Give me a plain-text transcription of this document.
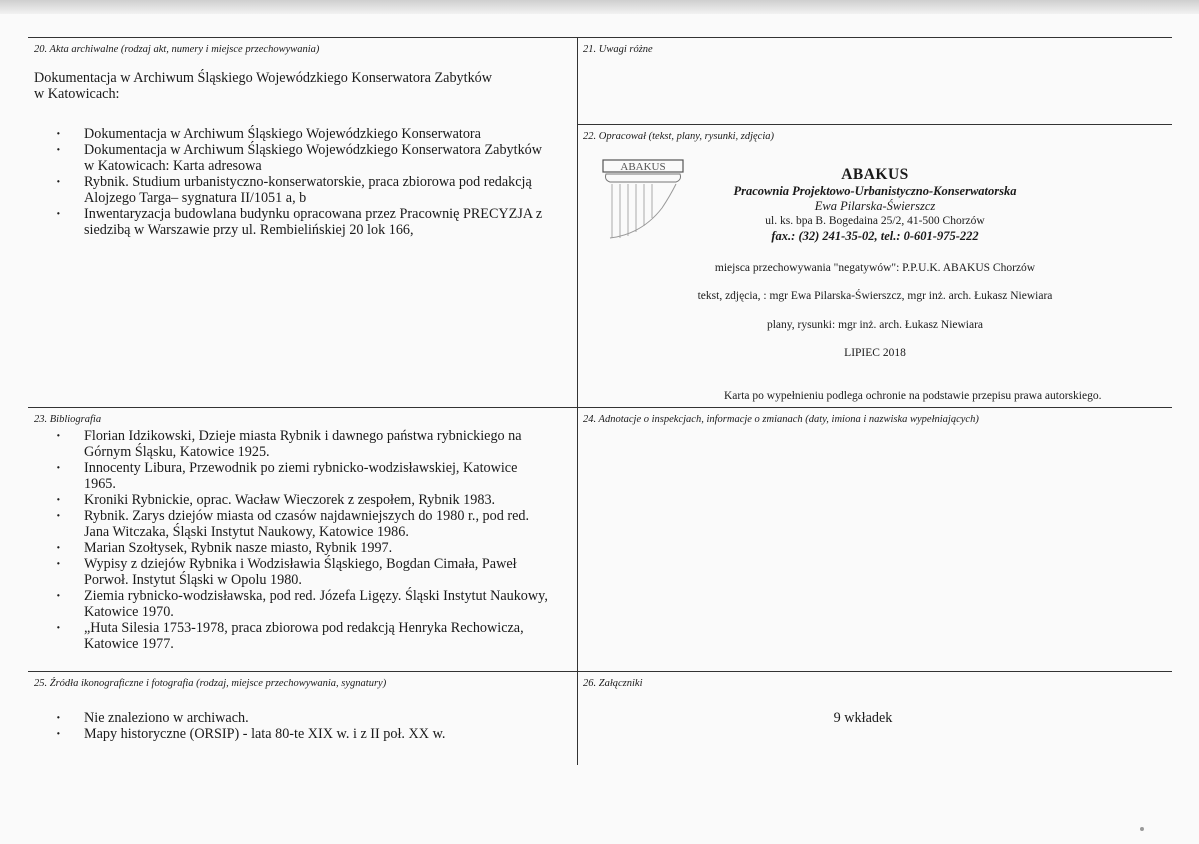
20. Akta archiwalne (rodzaj akt, numery i miejsce przechowywania)
Dokumentacja w Archiwum Śląskiego Wojewódzkiego Konserwatora Zabytków
w Katowicach:
· Dokumentacja w Archiwum Śląskiego Wojewódzkiego Konserwatora
· Dokumentacja w Archiwum Śląskiego Wojewódzkiego Konserwatora Zabytków
w Katowicach: Karta adresowa
· Rybnik. Studium urbanistyczno-konserwatorskie, praca zbiorowa pod redakcją
Alojzego Targa– sygnatura II/1051 a, b
· Inwentaryzacja budowlana budynku opracowana przez Pracownię PRECYZJA z
siedzibą w Warszawie przy ul. Rembielińskiej 20 lok 166,
21. Uwagi różne
22. Opracował (tekst, plany, rysunki, zdjęcia)
ABAKUS	ABAKUS
Pracownia Projektowo-Urbanistyczno-Konserwatorska
Ewa Pilarska-Świerszcz
ul. ks. bpa B. Bogedaina 25/2, 41-500 Chorzów
fax.: (32) 241-35-02, tel.: 0-601-975-222
miejsca przechowywania "negatywów": P.P.U.K. ABAKUS Chorzów
tekst, zdjęcia, : mgr Ewa Pilarska-Świerszcz, mgr inż. arch. Łukasz Niewiara
plany, rysunki: mgr inż. arch. Łukasz Niewiara
LIPIEC 2018
Karta po wypełnieniu podlega ochronie na podstawie przepisu prawa autorskiego.
23. Bibliografia
· Florian Idzikowski, Dzieje miasta Rybnik i dawnego państwa rybnickiego na
Górnym Śląsku, Katowice 1925.
· Innocenty Libura, Przewodnik po ziemi rybnicko-wodzisławskiej, Katowice
1965.
· Kroniki Rybnickie, oprac. Wacław Wieczorek z zespołem, Rybnik 1983.
· Rybnik. Zarys dziejów miasta od czasów najdawniejszych do 1980 r., pod red.
Jana Witczaka, Śląski Instytut Naukowy, Katowice 1986.
· Marian Szołtysek, Rybnik nasze miasto, Rybnik 1997.
· Wypisy z dziejów Rybnika i Wodzisławia Śląskiego, Bogdan Cimała, Paweł
Porwoł. Instytut Śląski w Opolu 1980.
· Ziemia rybnicko-wodzisławska, pod red. Józefa Ligęzy. Śląski Instytut Naukowy,
Katowice 1970.
· „Huta Silesia 1753-1978, praca zbiorowa pod redakcją Henryka Rechowicza,
Katowice 1977.
24. Adnotacje o inspekcjach, informacje o zmianach (daty, imiona i nazwiska wypełniających)
25. Źródła ikonograficzne i fotografia (rodzaj, miejsce przechowywania, sygnatury)
· Nie znaleziono w archiwach.
· Mapy historyczne (ORSIP) - lata 80-te XIX w. i z II poł. XX w.
26. Załączniki
9 wkładek
